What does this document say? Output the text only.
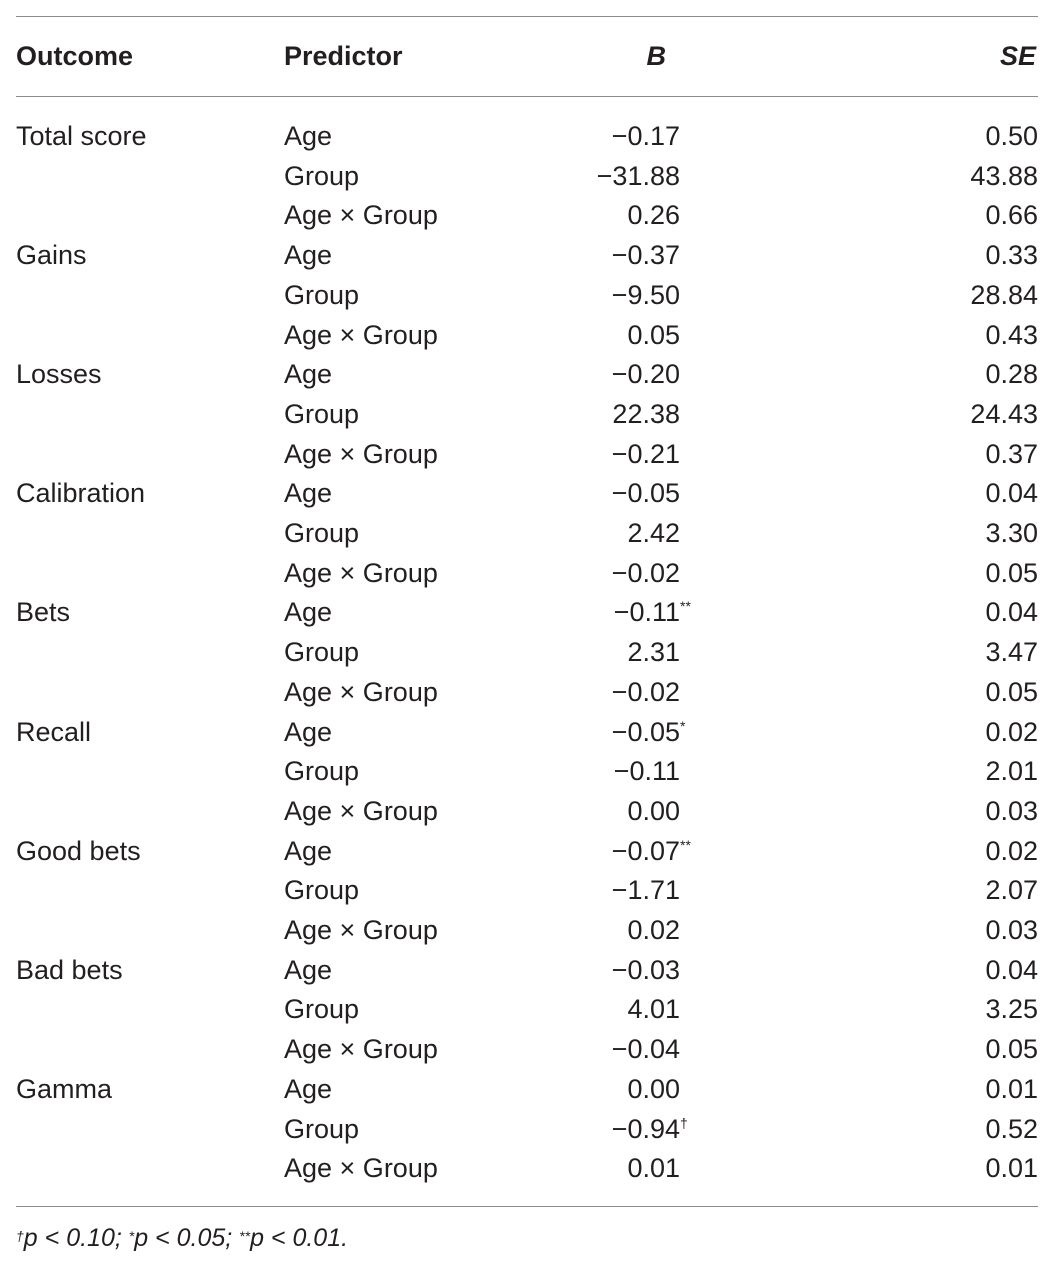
Outcome	Predictor	B		SE
Total score	Age	−0.17		0.50
	Group	−31.88		43.88
	Age × Group	0.26		0.66
Gains	Age	−0.37		0.33
	Group	−9.50		28.84
	Age × Group	0.05		0.43
Losses	Age	−0.20		0.28
	Group	22.38		24.43
	Age × Group	−0.21		0.37
Calibration	Age	−0.05		0.04
	Group	2.42		3.30
	Age × Group	−0.02		0.05
Bets	Age	−0.11 **		0.04
	Group	2.31		3.47
	Age × Group	−0.02		0.05
Recall	Age	−0.05 *		0.02
	Group	−0.11		2.01
	Age × Group	0.00		0.03
Good bets	Age	−0.07 **		0.02
	Group	−1.71		2.07
	Age × Group	0.02		0.03
Bad bets	Age	−0.03		0.04
	Group	4.01		3.25
	Age × Group	−0.04		0.05
Gamma	Age	0.00		0.01
	Group	−0.94 †		0.52
	Age × Group	0.01		0.01
†p < 0.10; *p < 0.05; **p < 0.01.
